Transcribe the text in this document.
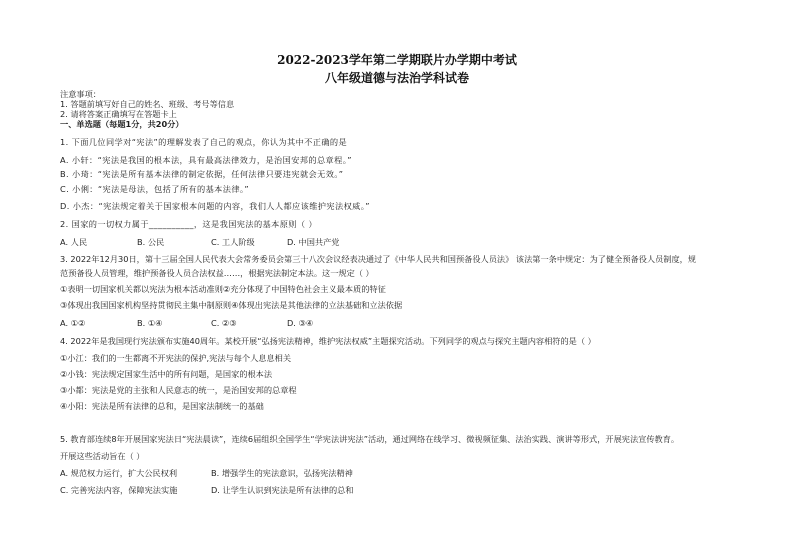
2022-2023学年第二学期联片办学期中考试
八年级道德与法治学科试卷
注意事项：
1. 答题前填写好自己的姓名、班级、考号等信息
2. 请将答案正确填写在答题卡上
一、单选题（每题1分，共20分）
1. 下面几位同学对“宪法”的理解发表了自己的观点，你认为其中不正确的是
A. 小轩：“宪法是我国的根本法，具有最高法律效力，是治国安邦的总章程。”
B. 小琦：“宪法是所有基本法律的制定依据，任何法律只要违宪就会无效。”
C. 小俐：“宪法是母法，包括了所有的基本法律。”
D. 小杰：“宪法规定着关于国家根本问题的内容，我们人人都应该维护宪法权威。”
2. 国家的一切权力属于__________，这是我国宪法的基本原则（ ）
A. 人民	B. 公民	C. 工人阶级	D. 中国共产党
3. 2022年12月30日，第十三届全国人民代表大会常务委员会第三十八次会议经表决通过了《中华人民共和国预备役人员法》 该法第一条中规定：为了健全预备役人员制度，规
范预备役人员管理，维护预备役人员合法权益……，根据宪法制定本法。这一规定（ ）
①表明一切国家机关都以宪法为根本活动准则②充分体现了中国特色社会主义最本质的特征
③体现出我国国家机构坚持贯彻民主集中制原则④体现出宪法是其他法律的立法基础和立法依据
A. ①②	B. ①④	C. ②③	D. ③④
4. 2022年是我国现行宪法颁布实施40周年。某校开展“弘扬宪法精神，维护宪法权威”主题探究活动。下列同学的观点与探究主题内容相符的是（ ）
①小江：我们的一生都离不开宪法的保护,宪法与每个人息息相关
②小钱：宪法规定国家生活中的所有问题，是国家的根本法
③小都：宪法是党的主张和人民意志的统一，是治国安邦的总章程
④小阳：宪法是所有法律的总和，是国家法制统一的基础
5. 教育部连续8年开展国家宪法日“宪法晨读”，连续6届组织全国学生“学宪法讲宪法”活动，通过网络在线学习、微视频征集、法治实践、演讲等形式，开展宪法宣传教育。
开展这些活动旨在（ ）
A. 规范权力运行，扩大公民权利	B. 增强学生的宪法意识，弘扬宪法精神
C. 完善宪法内容，保障宪法实施	D. 让学生认识到宪法是所有法律的总和
